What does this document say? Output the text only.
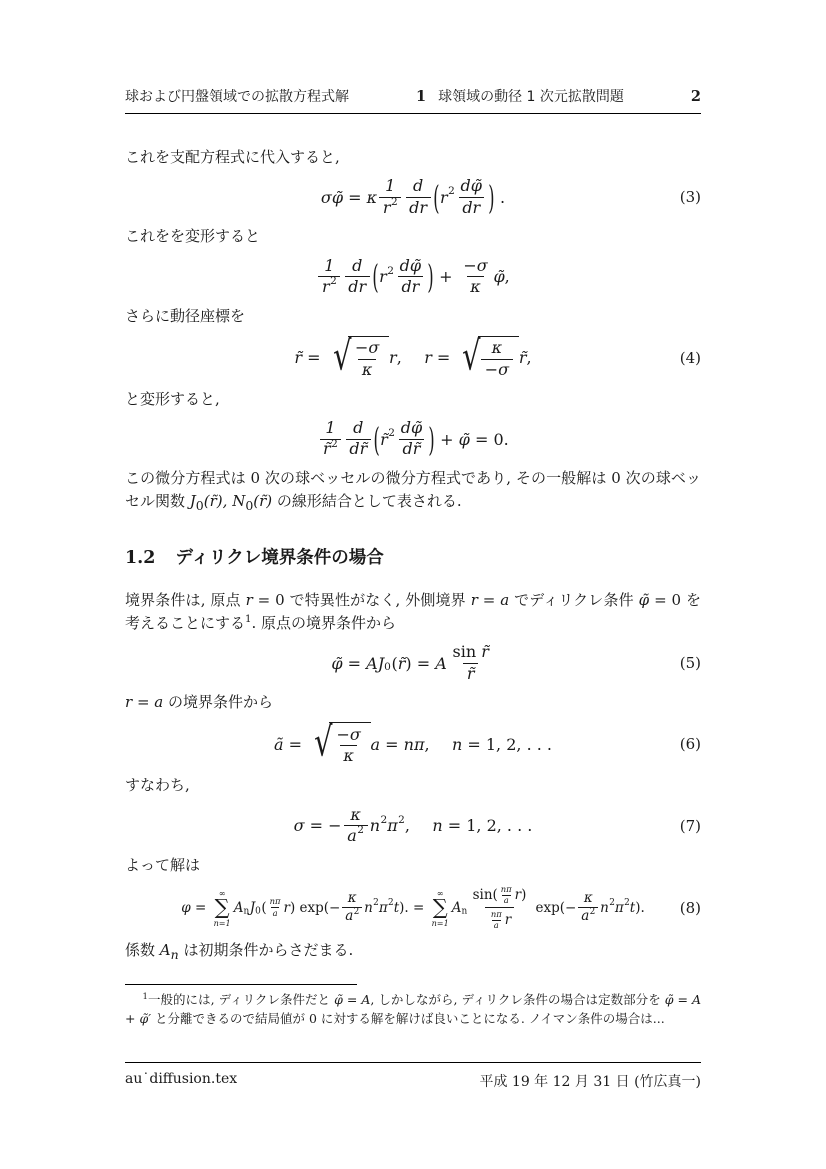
球および円盤領域での拡散方程式解	1 球領域の動径 1 次元拡散問題	2

これを支配方程式に代入すると,

σφ̃ = κ $\frac{1}{r 2} \frac{d}{dr}$ ( r $2 \frac{d\varphĩ}{dr}$ ) .	(3)

これをを変形すると

$\frac{1}{r 2} \frac{d}{dr}$ ( r $2 \frac{d\varphĩ}{dr}$ ) + $\frac{-\sigma}{\kappa}$ φ̃ ,

さらに動径座標を

r̃ = √ $\frac{-\sigma}{\kappa}$ r , r = √ $\frac{\kappa}{-\sigma}$ r̃ ,	(4)

と変形すると,

$\frac{1}{r̃ 2} \frac{d}{dr̃}$ ( r̃ $2 \frac{d\varphĩ}{dr̃}$ ) + φ̃ = 0.

この微分方程式は 0 次の球ベッセルの微分方程式であり, その一般解は 0 次の球ベッセル関数 $J_0(r̃)$, $N_0(r̃)$ の線形結合として表される.

1.2 ディリクレ境界条件の場合

境界条件は, 原点 r = 0 で特異性がなく, 外側境界 r = a でディリクレ条件 φ̃ = 0 を考えることにする$^1$. 原点の境界条件から

φ̃ = A J 0 ( r̃ ) = A $\frac{\text{sin r̃}}{r̃}$	(5)

r = a の境界条件から

ã = √ $\frac{-\sigma}{\kappa}$ a = nπ , n = 1, 2, . . .	(6)

すなわち,

σ = − $\frac{\kappa}{a 2}$ n 2 π 2 , n = 1, 2, . . .	(7)

よって解は

φ =
∞
∑
n=1
A n J 0 ( $\frac{n\pi}{a}$ r ) $\exp(- \frac{\kappa}{a 2}$ n 2 π 2 t ). =
∞
∑
n=1
A n $\frac{\sin( \frac{n\pi}{a} r )}{\frac{n\pi}{a} r} \exp(- \frac{\kappa}{a 2}$ n 2 π 2 t ). (8)

係数 $A_n$ は初期条件からさだまる.

$^1$一般的には, ディリクレ条件だと φ̃ = A, しかしながら, ディリクレ条件の場合は定数部分を φ̃ = A + φ̃′ と分離できるので結局値が 0 に対する解を解けば良いことになる. ノイマン条件の場合は...

au˙diffusion.tex	平成 19 年 12 月 31 日 (竹広真一)
